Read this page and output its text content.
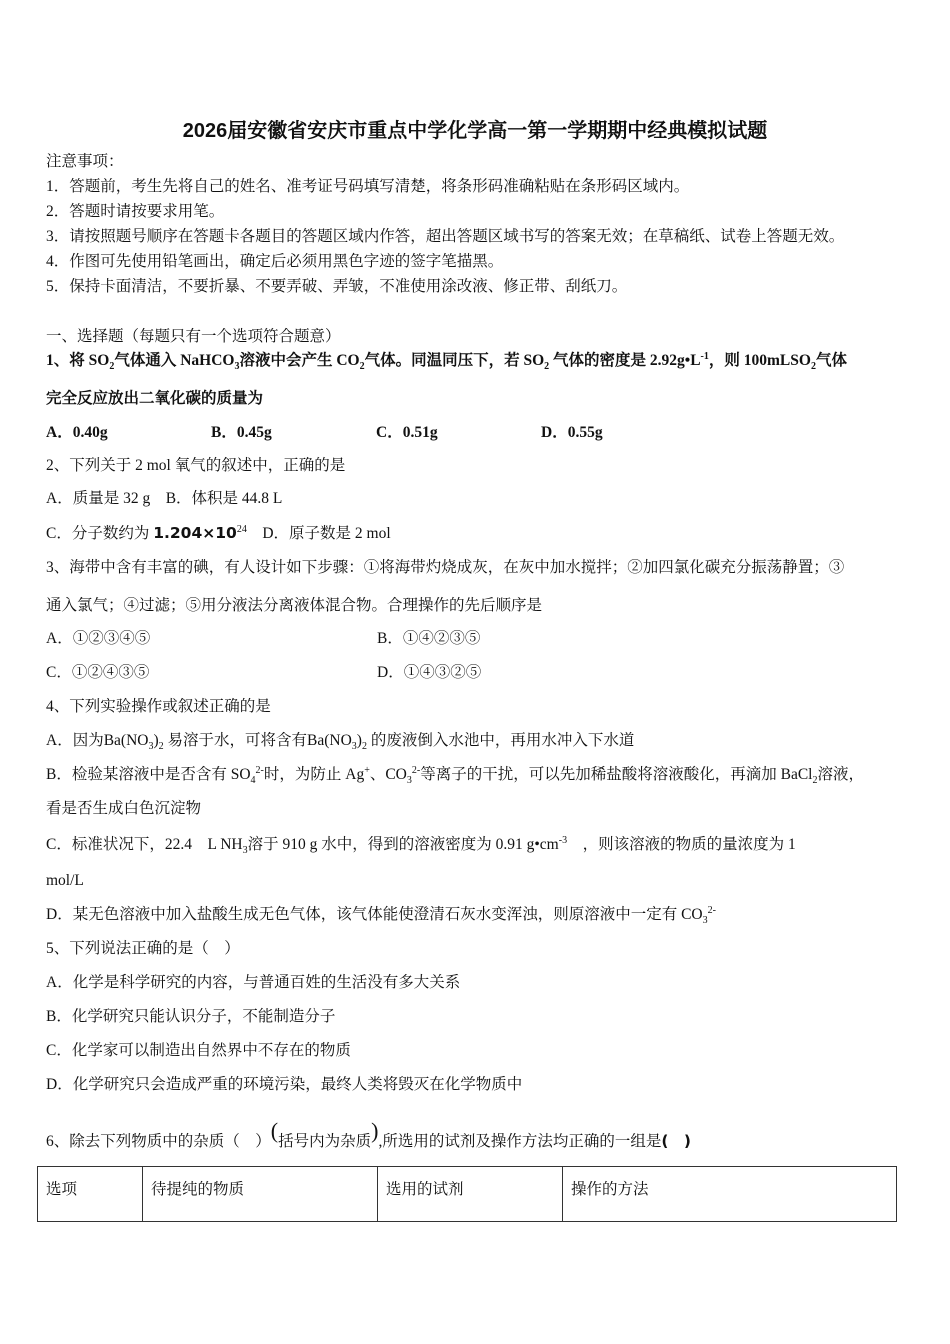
2026届安徽省安庆市重点中学化学高一第一学期期中经典模拟试题
注意事项：
1．答题前，考生先将自己的姓名、准考证号码填写清楚，将条形码准确粘贴在条形码区域内。
2．答题时请按要求用笔。
3．请按照题号顺序在答题卡各题目的答题区域内作答，超出答题区域书写的答案无效；在草稿纸、试卷上答题无效。
4．作图可先使用铅笔画出，确定后必须用黑色字迹的签字笔描黑。
5．保持卡面清洁，不要折暴、不要弄破、弄皱，不准使用涂改液、修正带、刮纸刀。
一、选择题（每题只有一个选项符合题意）
1、将 $SO_2$气体通入 NaHCO$_3$溶液中会产生 $CO_2$气体。同温同压下，若 $SO_2$ 气体的密度是 $2.92g•L^{-1}$，则 100mLSO$_2$气体
完全反应放出二氧化碳的质量为
A．0.40g	B．0.45g	C．0.51g	D．0.55g
2、下列关于 2 mol 氧气的叙述中，正确的是
A．质量是 32 g　B．体积是 44.8 L
C．分子数约为 $1.204\times 10^{24}$　D．原子数是 2 mol
3、海带中含有丰富的碘，有人设计如下步骤：①将海带灼烧成灰，在灰中加水搅拌；②加四氯化碳充分振荡静置；③
通入氯气；④过滤；⑤用分液法分离液体混合物。合理操作的先后顺序是
A．①②③④⑤	B．①④②③⑤
C．①②④③⑤	D．①④③②⑤
4、下列实验操作或叙述正确的是
A．因为$Ba(NO_3)_2$ 易溶于水，可将含有$Ba(NO_3)_2$ 的废液倒入水池中，再用水冲入下水道
B．检验某溶液中是否含有 $SO_4^{2-}$时，为防止 Ag+、$CO_3^{2-}$等离子的干扰，可以先加稀盐酸将溶液酸化，再滴加 BaCl$_2$溶液，
看是否生成白色沉淀物
C．标准状况下，22.4　L $NH_3$溶于 910 g 水中，得到的溶液密度为 0.91 $g•cm^{-3}$　，则该溶液的物质的量浓度为 1
mol/L
D．某无色溶液中加入盐酸生成无色气体，该气体能使澄清石灰水变浑浊，则原溶液中一定有 $CO_3^{2-}$
5、下列说法正确的是（　）
A．化学是科学研究的内容，与普通百姓的生活没有多大关系
B．化学研究只能认识分子，不能制造分子
C．化学家可以制造出自然界中不存在的物质
D．化学研究只会造成严重的环境污染，最终人类将毁灭在化学物质中
6、除去下列物质中的杂质（　）(括号内为杂质),所选用的试剂及操作方法均正确的一组是(　)
选项	待提纯的物质	选用的试剂	操作的方法
